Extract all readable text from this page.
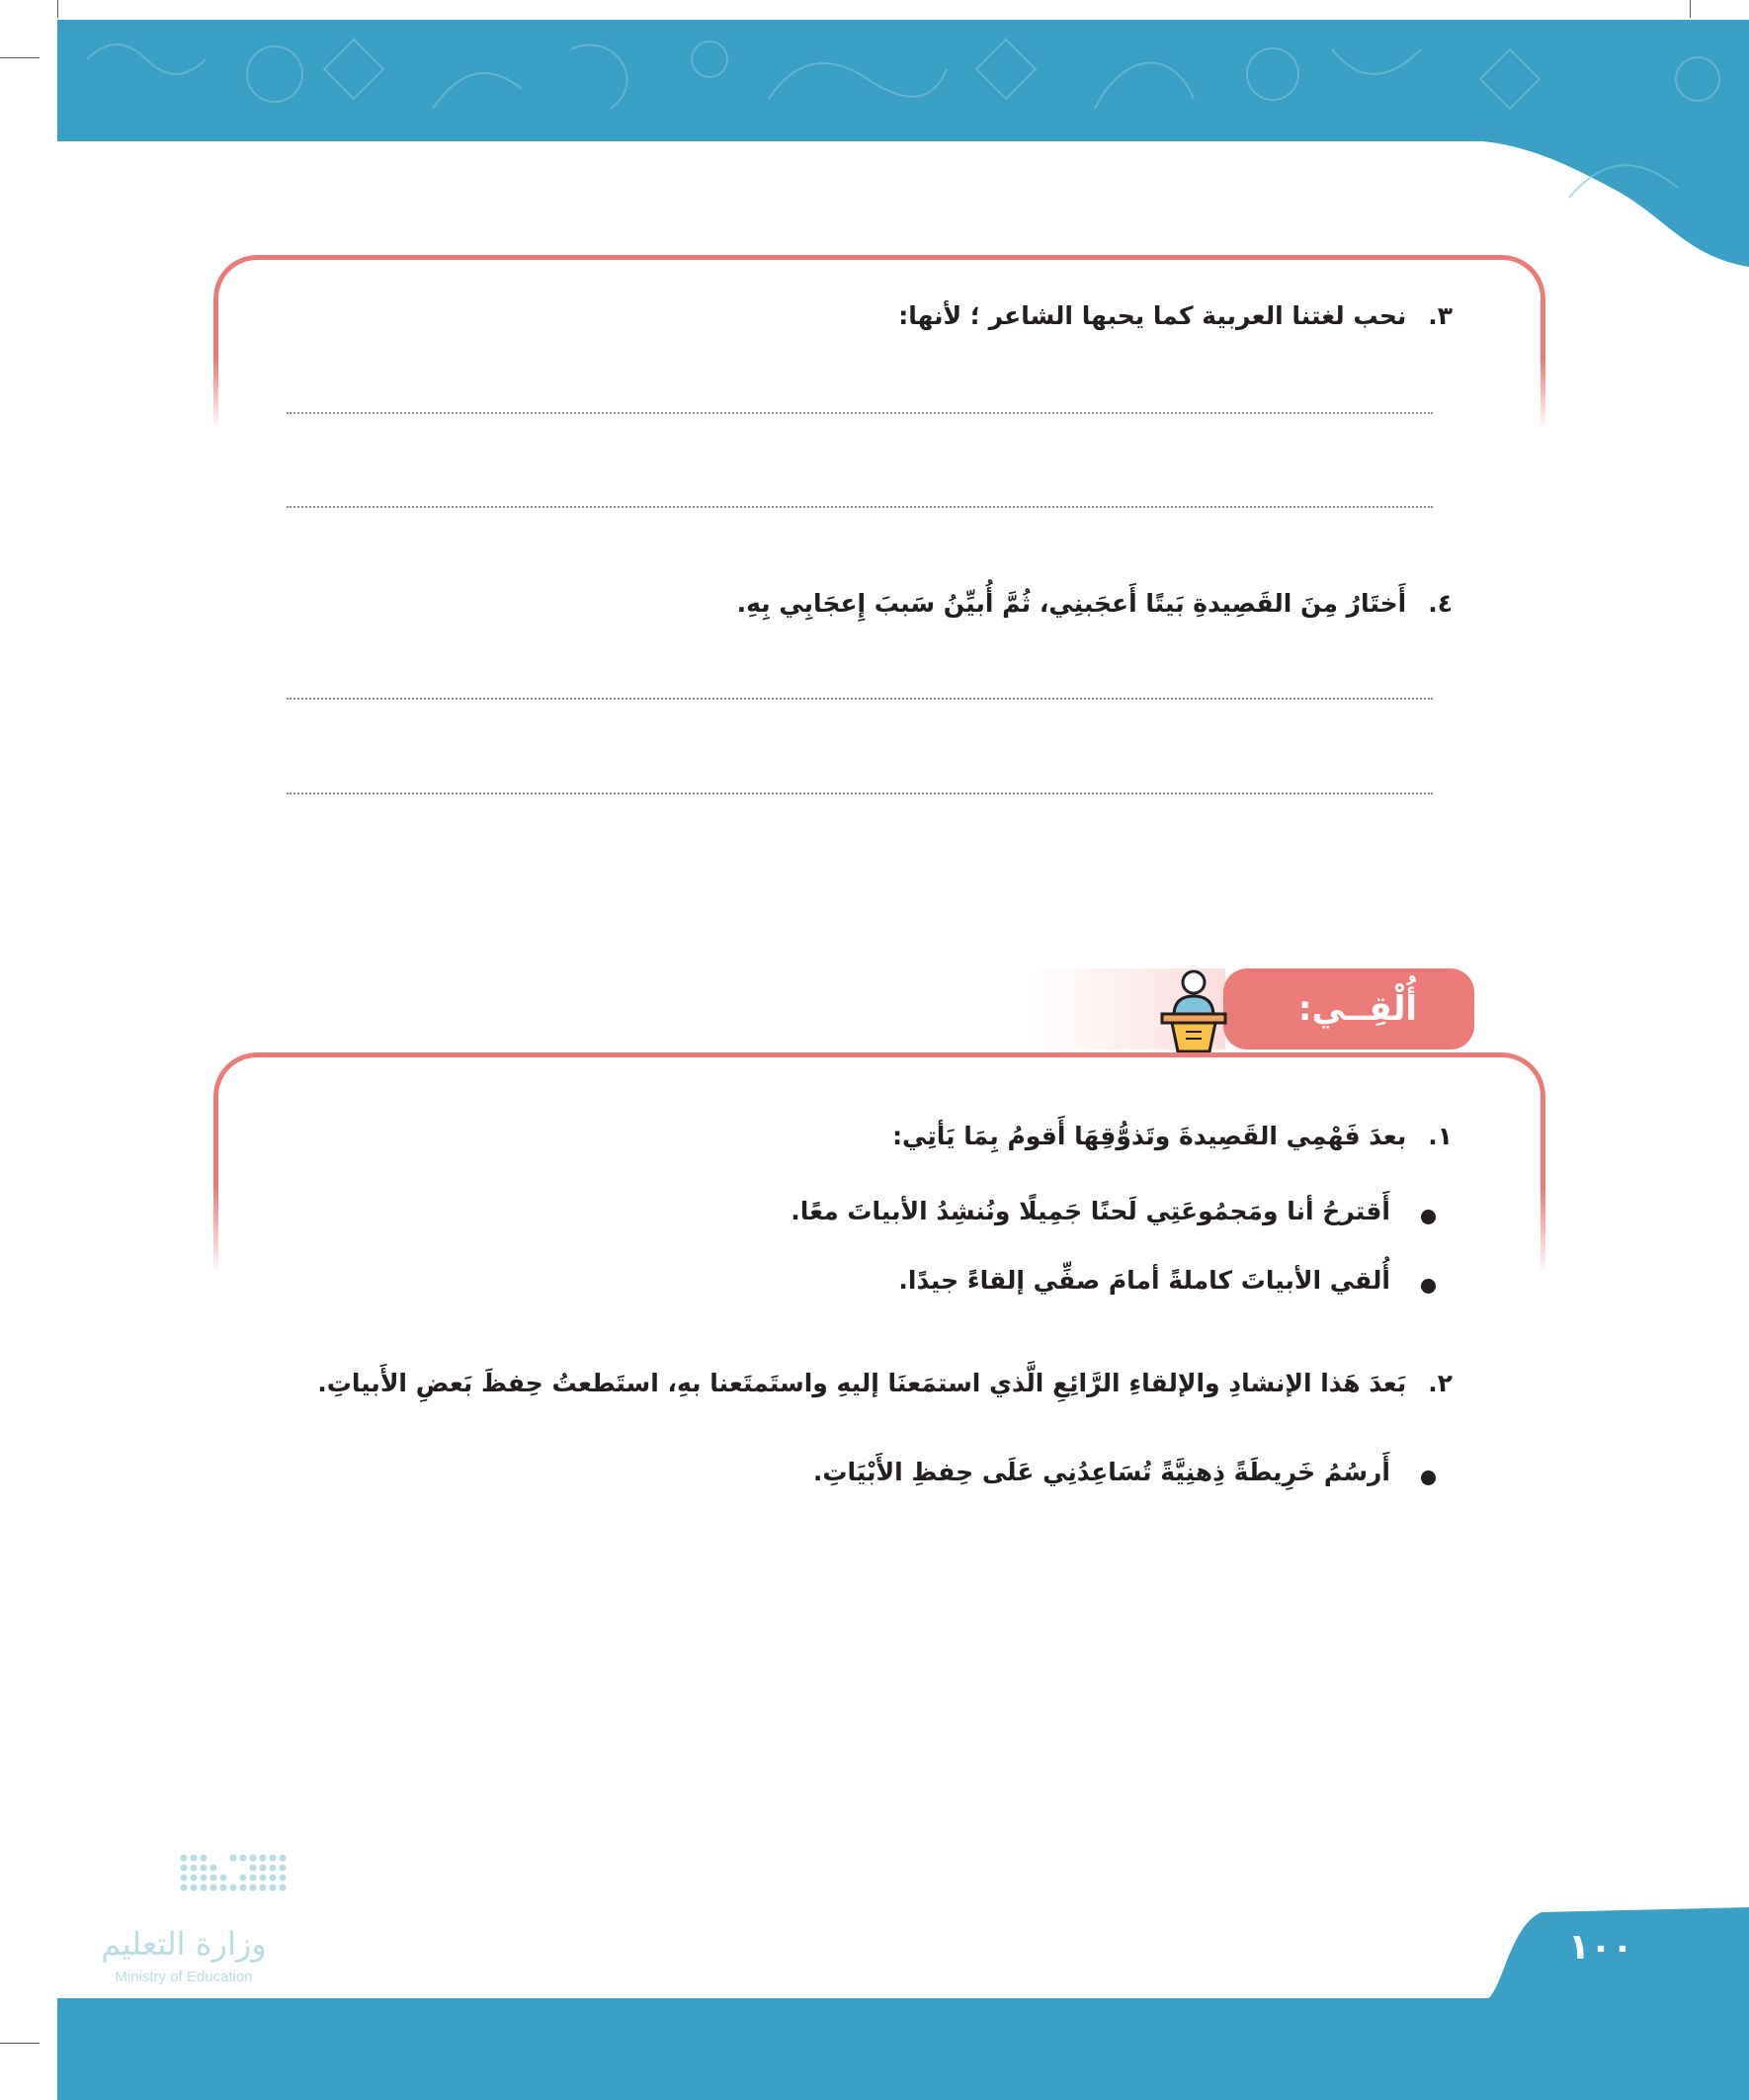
٣.نحب لغتنا العربية كما يحبها الشاعر ؛ لأنها:
٤.أَختَارُ مِنَ القَصِيدةِ بَيتًا أَعجَبنِي، ثُمَّ أُبيِّنُ سَببَ إِعجَابِي بِهِ.
أُلْقِــي:
١.بعدَ فَهْمِي القَصِيدةَ وتَذوُّقِهَا أَقومُ بِمَا يَأتِي:
أَقترحُ أنا ومَجمُوعَتِي لَحنًا جَمِيلًا ونُنشِدُ الأبياتَ معًا.
أُلقي الأبياتَ كاملةً أمامَ صفِّي إلقاءً جيدًا.
٢.بَعدَ هَذا الإنشادِ والإلقاءِ الرَّائِعِ الَّذي استمَعنَا إليهِ واستَمتَعنا بهِ، استَطعتُ حِفظَ بَعضِ الأَبياتِ.
أَرسُمُ خَرِيطَةً ذِهنِيَّةً تُسَاعِدُنِي عَلَى حِفظِ الأَبْيَاتِ.
وزارة التعليم
Ministry of Education
١٠٠
